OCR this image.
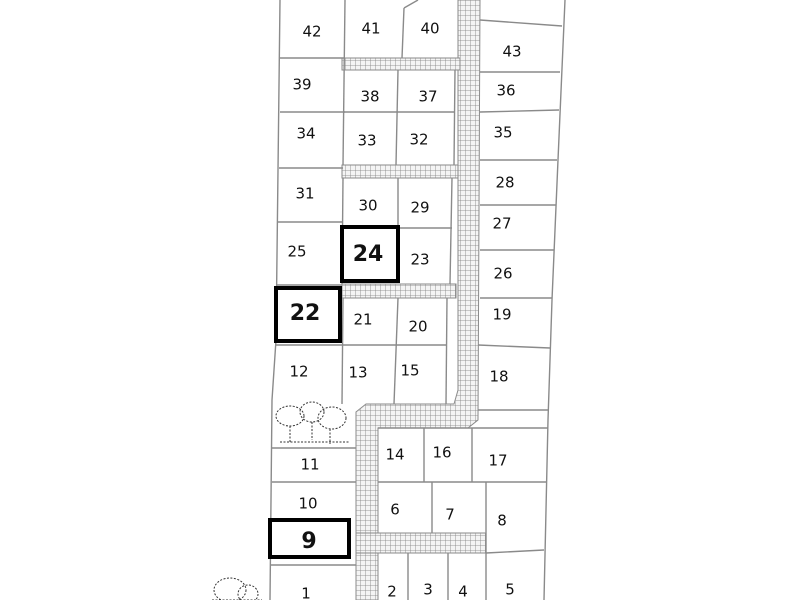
42	41	40
43
39
38	37	36
34	33 32	35
28
31
30 29
27
25 24 23
26
22 21 20
19
12	13 15	18
11
14 16 17
10	6	7	8
9
1	2 3 4 5
